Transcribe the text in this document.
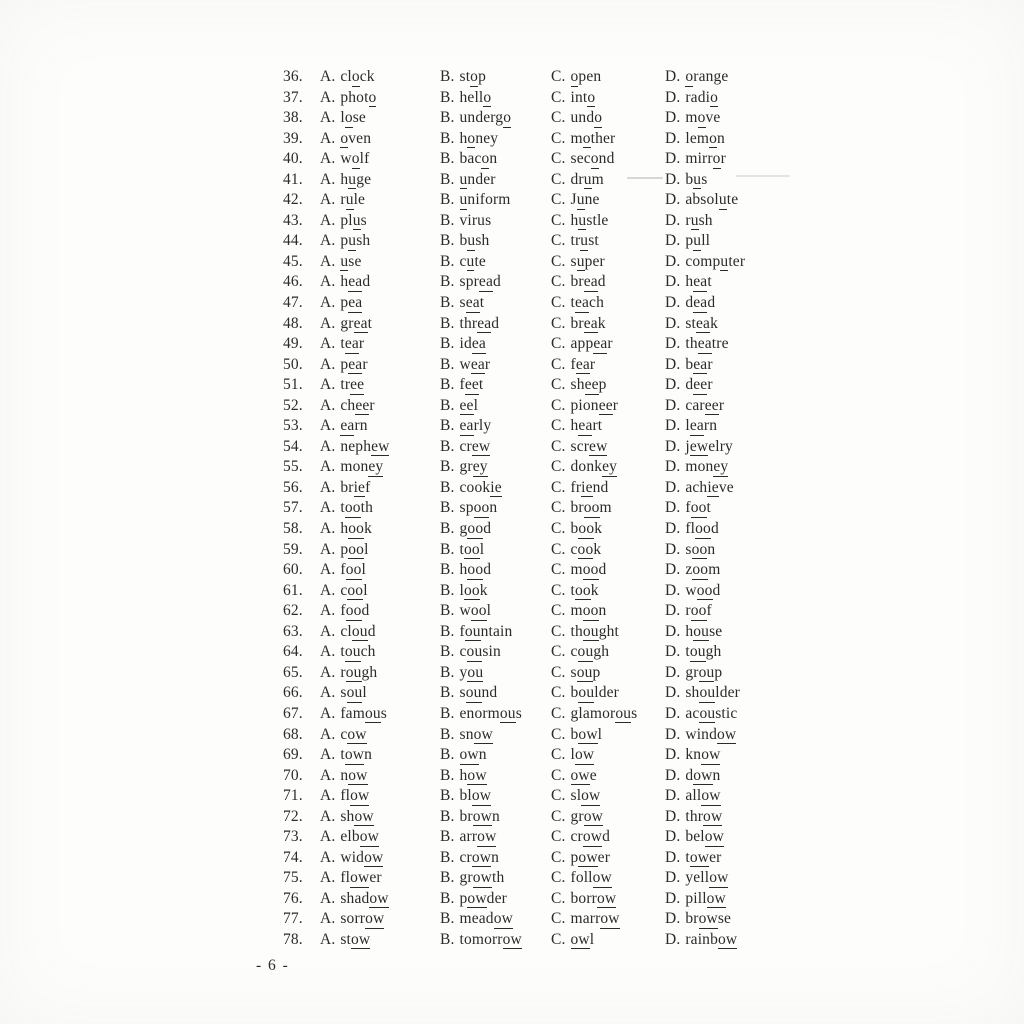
36.	A. clock	B. stop	C. open	D. orange
37.	A. photo	B. hello	C. into	D. radio
38.	A. lose	B. undergo	C. undo	D. move
39.	A. oven	B. honey	C. mother	D. lemon
40.	A. wolf	B. bacon	C. second	D. mirror
41.	A. huge	B. under	C. drum	D. bus
42.	A. rule	B. uniform	C. June	D. absolute
43.	A. plus	B. virus	C. hustle	D. rush
44.	A. push	B. bush	C. trust	D. pull
45.	A. use	B. cute	C. super	D. computer
46.	A. head	B. spread	C. bread	D. heat
47.	A. pea	B. seat	C. teach	D. dead
48.	A. great	B. thread	C. break	D. steak
49.	A. tear	B. idea	C. appear	D. theatre
50.	A. pear	B. wear	C. fear	D. bear
51.	A. tree	B. feet	C. sheep	D. deer
52.	A. cheer	B. eel	C. pioneer	D. career
53.	A. earn	B. early	C. heart	D. learn
54.	A. nephew	B. crew	C. screw	D. jewelry
55.	A. money	B. grey	C. donkey	D. money
56.	A. brief	B. cookie	C. friend	D. achieve
57.	A. tooth	B. spoon	C. broom	D. foot
58.	A. hook	B. good	C. book	D. flood
59.	A. pool	B. tool	C. cook	D. soon
60.	A. fool	B. hood	C. mood	D. zoom
61.	A. cool	B. look	C. took	D. wood
62.	A. food	B. wool	C. moon	D. roof
63.	A. cloud	B. fountain	C. thought	D. house
64.	A. touch	B. cousin	C. cough	D. tough
65.	A. rough	B. you	C. soup	D. group
66.	A. soul	B. sound	C. boulder	D. shoulder
67.	A. famous	B. enormous	C. glamorous	D. acoustic
68.	A. cow	B. snow	C. bowl	D. window
69.	A. town	B. own	C. low	D. know
70.	A. now	B. how	C. owe	D. down
71.	A. flow	B. blow	C. slow	D. allow
72.	A. show	B. brown	C. grow	D. throw
73.	A. elbow	B. arrow	C. crowd	D. below
74.	A. widow	B. crown	C. power	D. tower
75.	A. flower	B. growth	C. follow	D. yellow
76.	A. shadow	B. powder	C. borrow	D. pillow
77.	A. sorrow	B. meadow	C. marrow	D. browse
78.	A. stow	B. tomorrow	C. owl	D. rainbow
- 6 -
